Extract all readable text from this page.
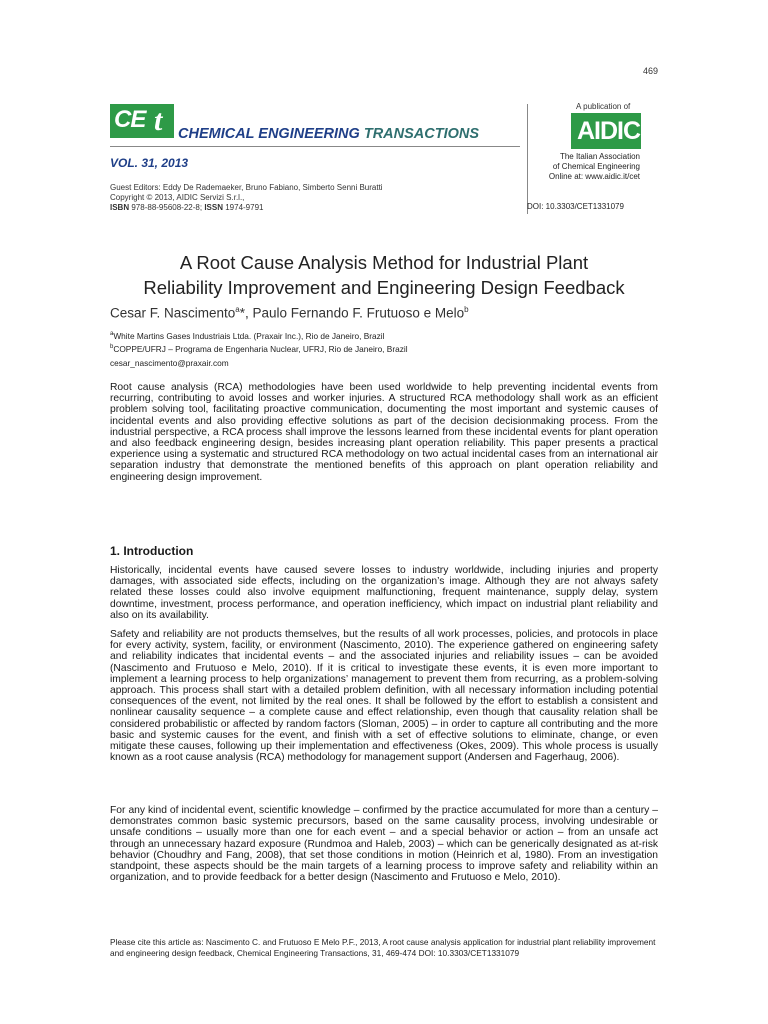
469
CE t CHEMICAL ENGINEERING TRANSACTIONS
VOL. 31, 2013
Guest Editors: Eddy De Rademaeker, Bruno Fabiano, Simberto Senni Buratti
Copyright © 2013, AIDIC Servizi S.r.l.,
ISBN 978-88-95608-22-8; ISSN 1974-9791
A publication of
AIDIC
The Italian Association
of Chemical Engineering
Online at: www.aidic.it/cet
DOI: 10.3303/CET1331079
A Root Cause Analysis Method for Industrial Plant
Reliability Improvement and Engineering Design Feedback
Cesar F. Nascimento$^a$*, Paulo Fernando F. Frutuoso e Melo$^b$
$^a$White Martins Gases Industriais Ltda. (Praxair Inc.), Rio de Janeiro, Brazil
$^b$COPPE/UFRJ – Programa de Engenharia Nuclear, UFRJ, Rio de Janeiro, Brazil
cesar_nascimento@praxair.com
Root cause analysis (RCA) methodologies have been used worldwide to help preventing incidental events from recurring, contributing to avoid losses and worker injuries. A structured RCA methodology shall work as an efficient problem solving tool, facilitating proactive communication, documenting the most important and systemic causes of incidental events and also providing effective solutions as part of the decision decisionmaking process. From the industrial perspective, a RCA process shall improve the lessons learned from these incidental events for plant operation and also feedback engineering design, besides increasing plant operation reliability. This paper presents a practical experience using a systematic and structured RCA methodology on two actual incidental cases from an international air separation industry that demonstrate the mentioned benefits of this approach on plant operation reliability and engineering design improvement.
1. Introduction
Historically, incidental events have caused severe losses to industry worldwide, including injuries and property damages, with associated side effects, including on the organization’s image. Although they are not always safety related these losses could also involve equipment malfunctioning, frequent maintenance, supply delay, system downtime, investment, process performance, and operation inefficiency, which impact on industrial plant reliability and also on its availability.
Safety and reliability are not products themselves, but the results of all work processes, policies, and protocols in place for every activity, system, facility, or environment (Nascimento, 2010). The experience gathered on engineering safety and reliability indicates that incidental events – and the associated injuries and reliability issues – can be avoided (Nascimento and Frutuoso e Melo, 2010). If it is critical to investigate these events, it is even more important to implement a learning process to help organizations’ management to prevent them from recurring, as a problem-solving approach. This process shall start with a detailed problem definition, with all necessary information including potential consequences of the event, not limited by the real ones. It shall be followed by the effort to establish a consistent and nonlinear causality sequence – a complete cause and effect relationship, even though that causality relation shall be considered probabilistic or affected by random factors (Sloman, 2005) – in order to capture all contributing and the more basic and systemic causes for the event, and finish with a set of effective solutions to eliminate, change, or even mitigate these causes, following up their implementation and effectiveness (Okes, 2009). This whole process is usually known as a root cause analysis (RCA) methodology for management support (Andersen and Fagerhaug, 2006).
For any kind of incidental event, scientific knowledge – confirmed by the practice accumulated for more than a century – demonstrates common basic systemic precursors, based on the same causality process, involving undesirable or unsafe conditions – usually more than one for each event – and a special behavior or action – from an unsafe act through an unnecessary hazard exposure (Rundmoa and Haleb, 2003) – which can be generically designated as at-risk behavior (Choudhry and Fang, 2008), that set those conditions in motion (Heinrich et al, 1980). From an investigation standpoint, these aspects should be the main targets of a learning process to improve safety and reliability within an organization, and to provide feedback for a better design (Nascimento and Frutuoso e Melo, 2010).
Please cite this article as: Nascimento C. and Frutuoso E Melo P.F., 2013, A root cause analysis application for industrial plant reliability improvement and engineering design feedback, Chemical Engineering Transactions, 31, 469-474 DOI: 10.3303/CET1331079
